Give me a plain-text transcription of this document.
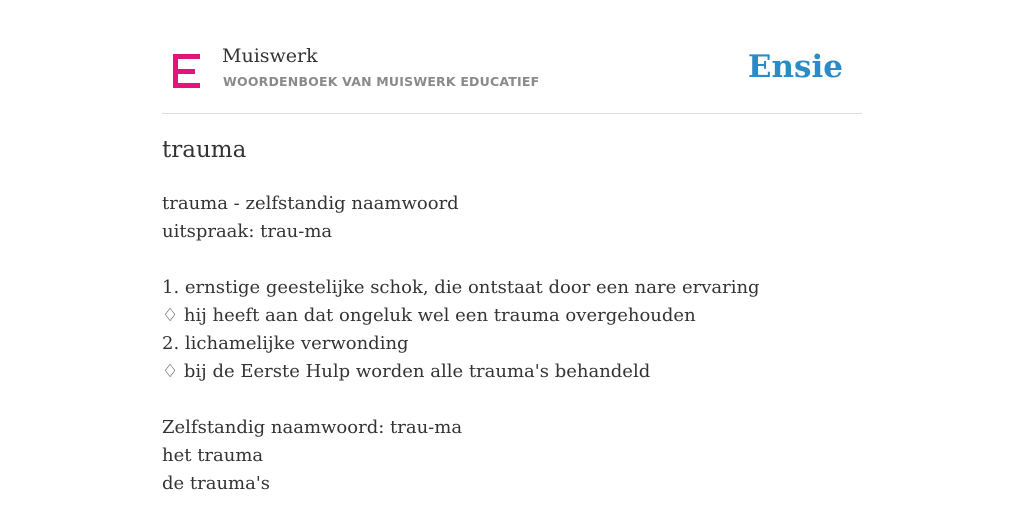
Muiswerk
WOORDENBOEK VAN MUISWERK EDUCATIEF	Ensie
trauma
trauma - zelfstandig naamwoord
uitspraak: trau-ma
1. ernstige geestelijke schok, die ontstaat door een nare ervaring
♢ hij heeft aan dat ongeluk wel een trauma overgehouden
2. lichamelijke verwonding
♢ bij de Eerste Hulp worden alle trauma's behandeld
Zelfstandig naamwoord: trau-ma
het trauma
de trauma's
